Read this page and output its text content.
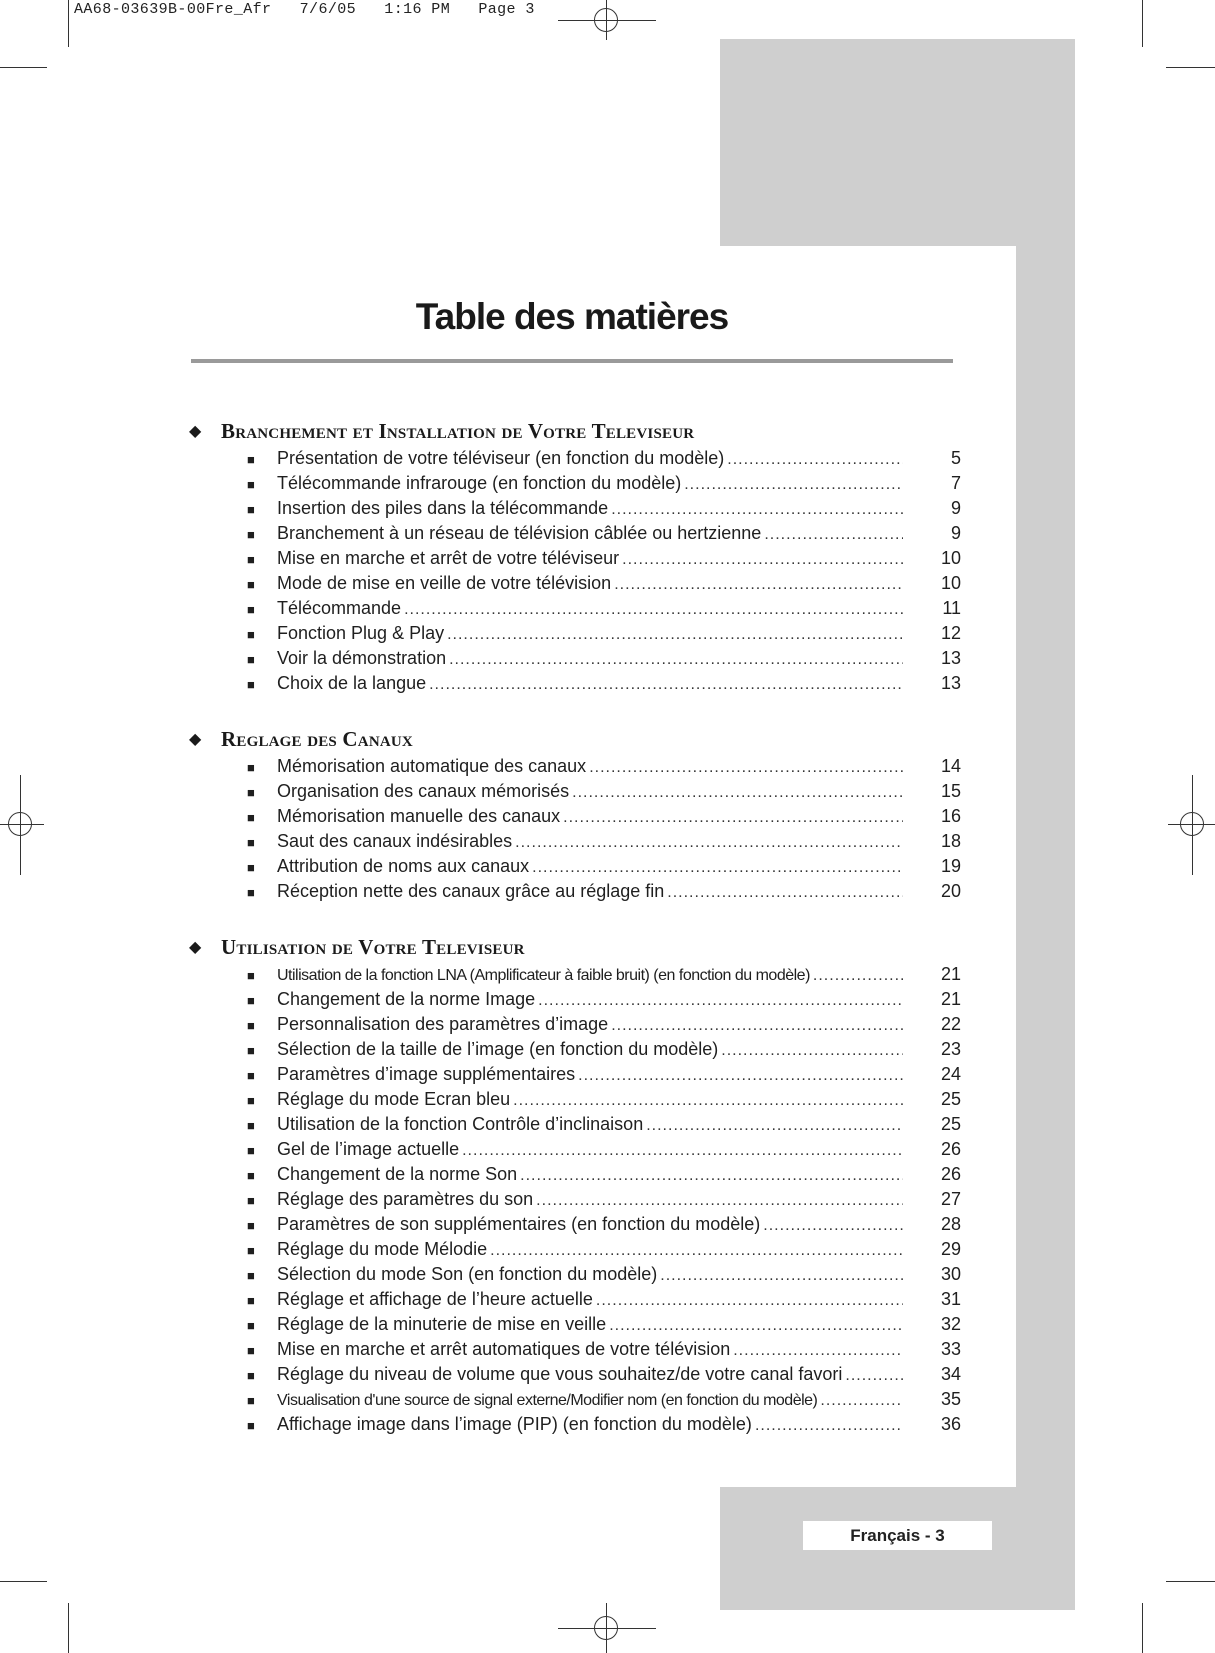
AA68-03639B-00Fre_Afr 7/6/05 1:16 PM Page 3
Table des matières
◆ Branchement et Installation de Votre Televiseur
■	Présentation de votre téléviseur (en fonction du modèle) .....	5
■	Télécommande infrarouge (en fonction du modèle) .....	7
■	Insertion des piles dans la télécommande .....	9
■	Branchement à un réseau de télévision câblée ou hertzienne .....	9
■	Mise en marche et arrêt de votre téléviseur .....	10
■	Mode de mise en veille de votre télévision .....	10
■	Télécommande .....	11
■	Fonction Plug & Play .....	12
■	Voir la démonstration .....	13
■	Choix de la langue .....	13
◆ Reglage des Canaux
■	Mémorisation automatique des canaux .....	14
■	Organisation des canaux mémorisés .....	15
■	Mémorisation manuelle des canaux .....	16
■	Saut des canaux indésirables .....	18
■	Attribution de noms aux canaux .....	19
■	Réception nette des canaux grâce au réglage fin .....	20
◆ Utilisation de Votre Televiseur
■	Utilisation de la fonction LNA (Amplificateur à faible bruit) (en fonction du modèle) .....	21
■	Changement de la norme Image .....	21
■	Personnalisation des paramètres d’image .....	22
■	Sélection de la taille de l’image (en fonction du modèle) .....	23
■	Paramètres d’image supplémentaires .....	24
■	Réglage du mode Ecran bleu .....	25
■	Utilisation de la fonction Contrôle d’inclinaison .....	25
■	Gel de l’image actuelle .....	26
■	Changement de la norme Son .....	26
■	Réglage des paramètres du son .....	27
■	Paramètres de son supplémentaires (en fonction du modèle) .....	28
■	Réglage du mode Mélodie .....	29
■	Sélection du mode Son (en fonction du modèle) .....	30
■	Réglage et affichage de l’heure actuelle .....	31
■	Réglage de la minuterie de mise en veille .....	32
■	Mise en marche et arrêt automatiques de votre télévision .....	33
■	Réglage du niveau de volume que vous souhaitez/de votre canal favori .....	34
■	Visualisation d'une source de signal externe/Modifier nom (en fonction du modèle) .....	35
■	Affichage image dans l’image (PIP) (en fonction du modèle) .....	36
Français - 3
